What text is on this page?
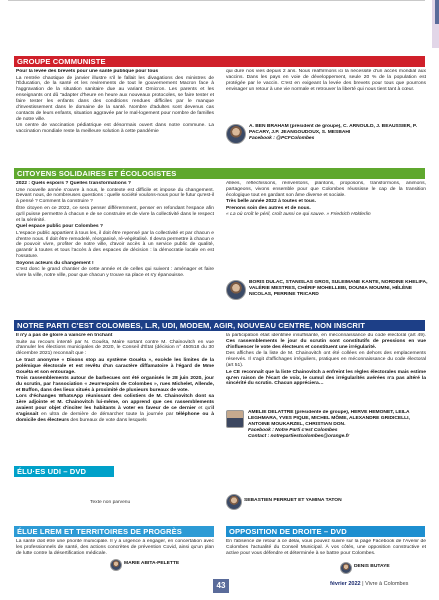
GROUPE COMMUNISTE

Pour la levée des brevets pour une santé publique pour tous

La rentrée chaotique de janvier illustre s'il le fallait les divagations des ministres de l'Éducation, de la santé et les revirements de tout le gouvernement Macron face à l'aggravation de la situation sanitaire due au variant Omicron. Les parents et les enseignants ont dû "adapter d'heure en heure aux nouveaux protocoles, se faire tester et faire tester les enfants dans des conditions rendues difficiles par le manque d'investissement dans le domaine de la santé. Nombre d'adultes sont devenus cas contacts de leurs enfants, situation aggravée par le mal-logement pour nombre de familles de notre ville.

Un centre de vaccination pédiatrique est désormais ouvert dans notre commune. La vaccination mondiale reste la meilleure solution à cette pandémie

qui dure nos vies depuis 2 ans. Nous réaffirmons ici la nécessité d'un accès mondial aux vaccins. Dans les pays en voie de développement, seule 20 % de la population est protégée par le vaccin. C'est en exigeant la levée des brevets pour tous que pourrons envisager un retour à une vie normale et retrouver la liberté qui nous tient tant à cœur.

A. BEN BRAHAM (président de groupe), C. ARNOULD, J. BEAUSSIER, P. PACARY, J.P. JEANGOUDOUX, S. MESBAHI
Facebook : @PCFColombes
CITOYENS SOLIDAIRES ET ÉCOLOGISTES

2022 : Quels espoirs ? Quelles transformations ?

Une nouvelle année s'ouvre à nous, le contexte est difficile et impose du changement. Devant nous, de nombreuses questions : quelle société voulons-nous pour le futur qu'est-il à pensé ? Comment la construire ?

Être citoyen en ce 2022, ce sera penser différemment, penser en refondant l'espace afin qu'il puisse permettre à chacun e de se construire et de vivre la collectivité dans le respect et la sérénité.

Quel espace public pour Colombes ?

L'espace public appartient à tous les, il doit être repensé par la collectivité et par chacun e d'entre nous. Il doit être remodelé, réorganisé, ré-végétalisé. Il devra permettre à chacun e de pouvoir vivre, profiter de notre ville, d'avoir accès à un service public de qualité, garantir à toutes et tous l'accès à des espaces de décision : la démocratie locale en est l'ossature.

Soyons acteurs du changement !

C'est donc le grand chantier de cette année et de celles qui suivent : aménager et faire vivre la ville, notre ville, pour que chacun y trouve sa place et s'y épanouisse.

Allées, réfléchissons, réinventons, plantons, proposons, transformons, animons, partageons, vivons ensemble pour que Colombes réussisse le cap de la transition écologique tout en gardant son âme diverse et sociale.

Très belle année 2022 à toutes et tous.

Prenons soin des autres et de nous.

« La où croît le péril, croît aussi ce qui sauve. » Friedrich Hölderlin

BORIS DULAC, STANISLAS GROS, SULEIMANE KANTÉ, NORDINE KHELIFA, VALÉRIE MESTRES, CHÉRIF MOHELLEBI, DOUNIA MOUMNI, HÉLÈNE NICOLAS, PERRINE TRICARD
NOTRE PARTI C'EST COLOMBES, L.R, UDI, MODEM, AGIR, NOUVEAU CENTRE, NON INSCRIT

Il n'y a pas de gloire à vaincre en trichant

Suite au recours intenté par N. Gouéta, Maire sortant contre M. Chainovitch en vue d'annuler les élections municipales de 2020, le Conseil d'État (décision n° 450518 du 30 décembre 2021) reconnaît que :

Le tract anonyme « Disons stop au système Gouéta », excède les limites de la polémique électorale et est revêtu d'un caractère diffamatoire à l'égard de Mme Gouéta et son entourage.

Trois rassemblements autour de barbecues ont été organisés le 28 juin 2020, jour du scrutin, par l'association « Jeun'espoirs de Colombes », rues Michelet, Allende, et Buffon, dans des lieux situés à proximité de plusieurs bureaux de vote.

Lors d'échanges WhatsApp réunissant des colistiers de M. Chainovitch dont sa 1ère adjointe et M. Chainovitch lui-même, on apprend que ces rassemblements avaient pour objet d'inciter les habitants à voter en faveur de ce dernier et qu'il s'agissait en ultra de dernière de démarcher toute la journée par téléphone ou à domicile des électeurs des bureaux de vote dans lesquels

la participation était identifiée insuffisante, en méconnaissance du code électoral (art 49). Ces rassemblements le jour du scrutin sont constitutifs de pressions en vue d'influencer le vote des électeurs et constituent une irrégularité.

Des affiches de la liste de M. Chainovitch ont été collées en dehors des emplacements réservés. Il s'agit d'affichages irréguliers, pratiques en méconnaissance du code électoral (art 51).

Le CE reconnaît que la liste Chainovitch a enfreint les règles électorales mais estime qu'en raison de l'écart de voix, le cumul des irrégularités avérées n'a pas altéré la sincérité du scrutin. Chacun appréciera…

AMÉLIE DELATTRE (présidente de groupe), HERVÉ HÉMONET, LEILA LEGHMARA, YVES PIQUE, MICHEL MÔME, ALEXANDRE GRIDICELLI, ANTOINE MOUKARZEL, CHRISTIAN DON.
Facebook : Notre Parti c'est Colombes
Contact : notrepartiestcolombes@orange.fr
ÉLU·ES UDI – DVD
Texte non parvenu	SÉBASTIEN PERRUET ET YAMINA TATON
ÉLUE LREM ET TERRITOIRES DE PROGRÈS
La santé doit être une priorité municipale. Il y a urgence à engager, en concertation avec les professionnels de santé, des actions concrètes de prévention Covid, ainsi qu'un plan de lutte contre la désertification médicale.
MARIE ABITA-PELETTE
OPPOSITION DE DROITE – DVD
En l'absence de retour à ce délai, vous pouvez suivre sur la page Facebook de l'Avenir de Colombes l'actualité du Conseil Municipal. À vos côtés, une opposition constructive et active pour vous défendre et déterminée à se battre pour Colombes.
DENIS BUTAYE
43	février 2022 | Vivre à Colombes
